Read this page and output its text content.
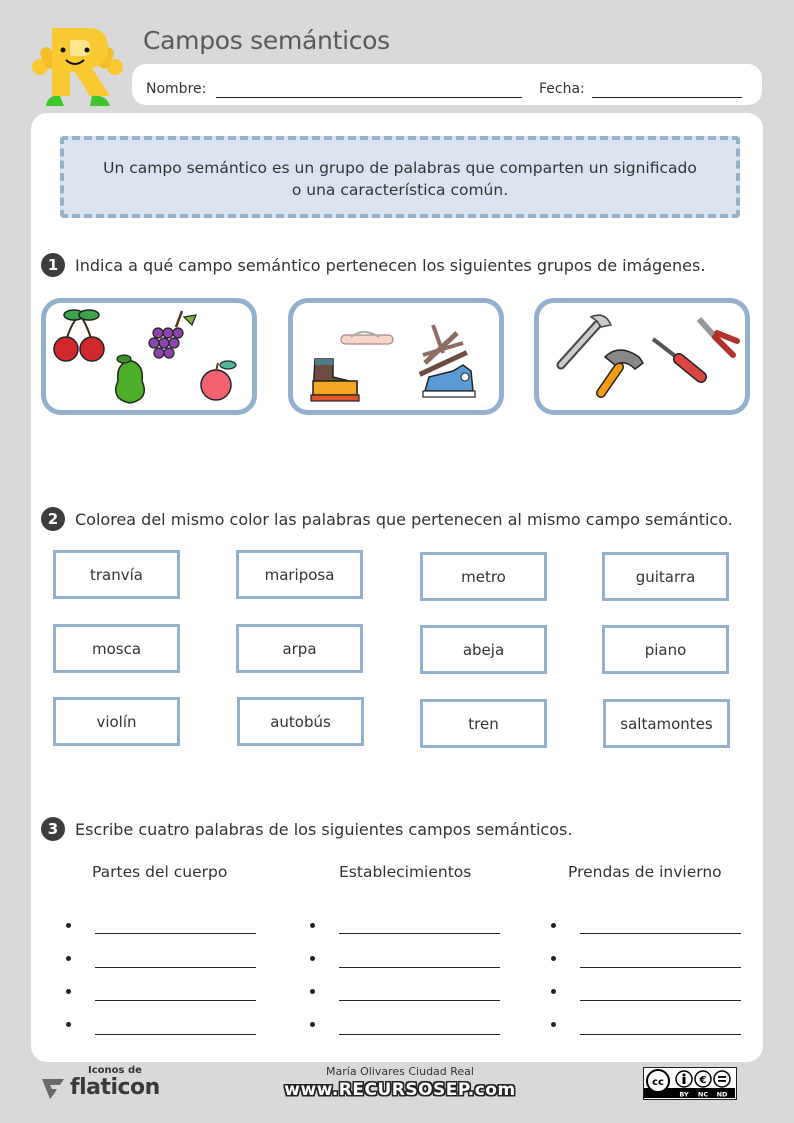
Campos semánticos
Nombre:	Fecha:
Un campo semántico es un grupo de palabras que comparten un significado
o una característica común.
1	Indica a qué campo semántico pertenecen los siguientes grupos de imágenes.
2	Colorea del mismo color las palabras que pertenecen al mismo campo semántico.
tranvía	mariposa	metro	guitarra
mosca	arpa	abeja	piano
violín	autobús	tren	saltamontes
3	Escribe cuatro palabras de los siguientes campos semánticos.
Partes del cuerpo	Establecimientos	Prendas de invierno
Iconos de
flaticon
María Olivares Ciudad Real
www.RECURSOSEP.com	cc	€
BY NC ND
